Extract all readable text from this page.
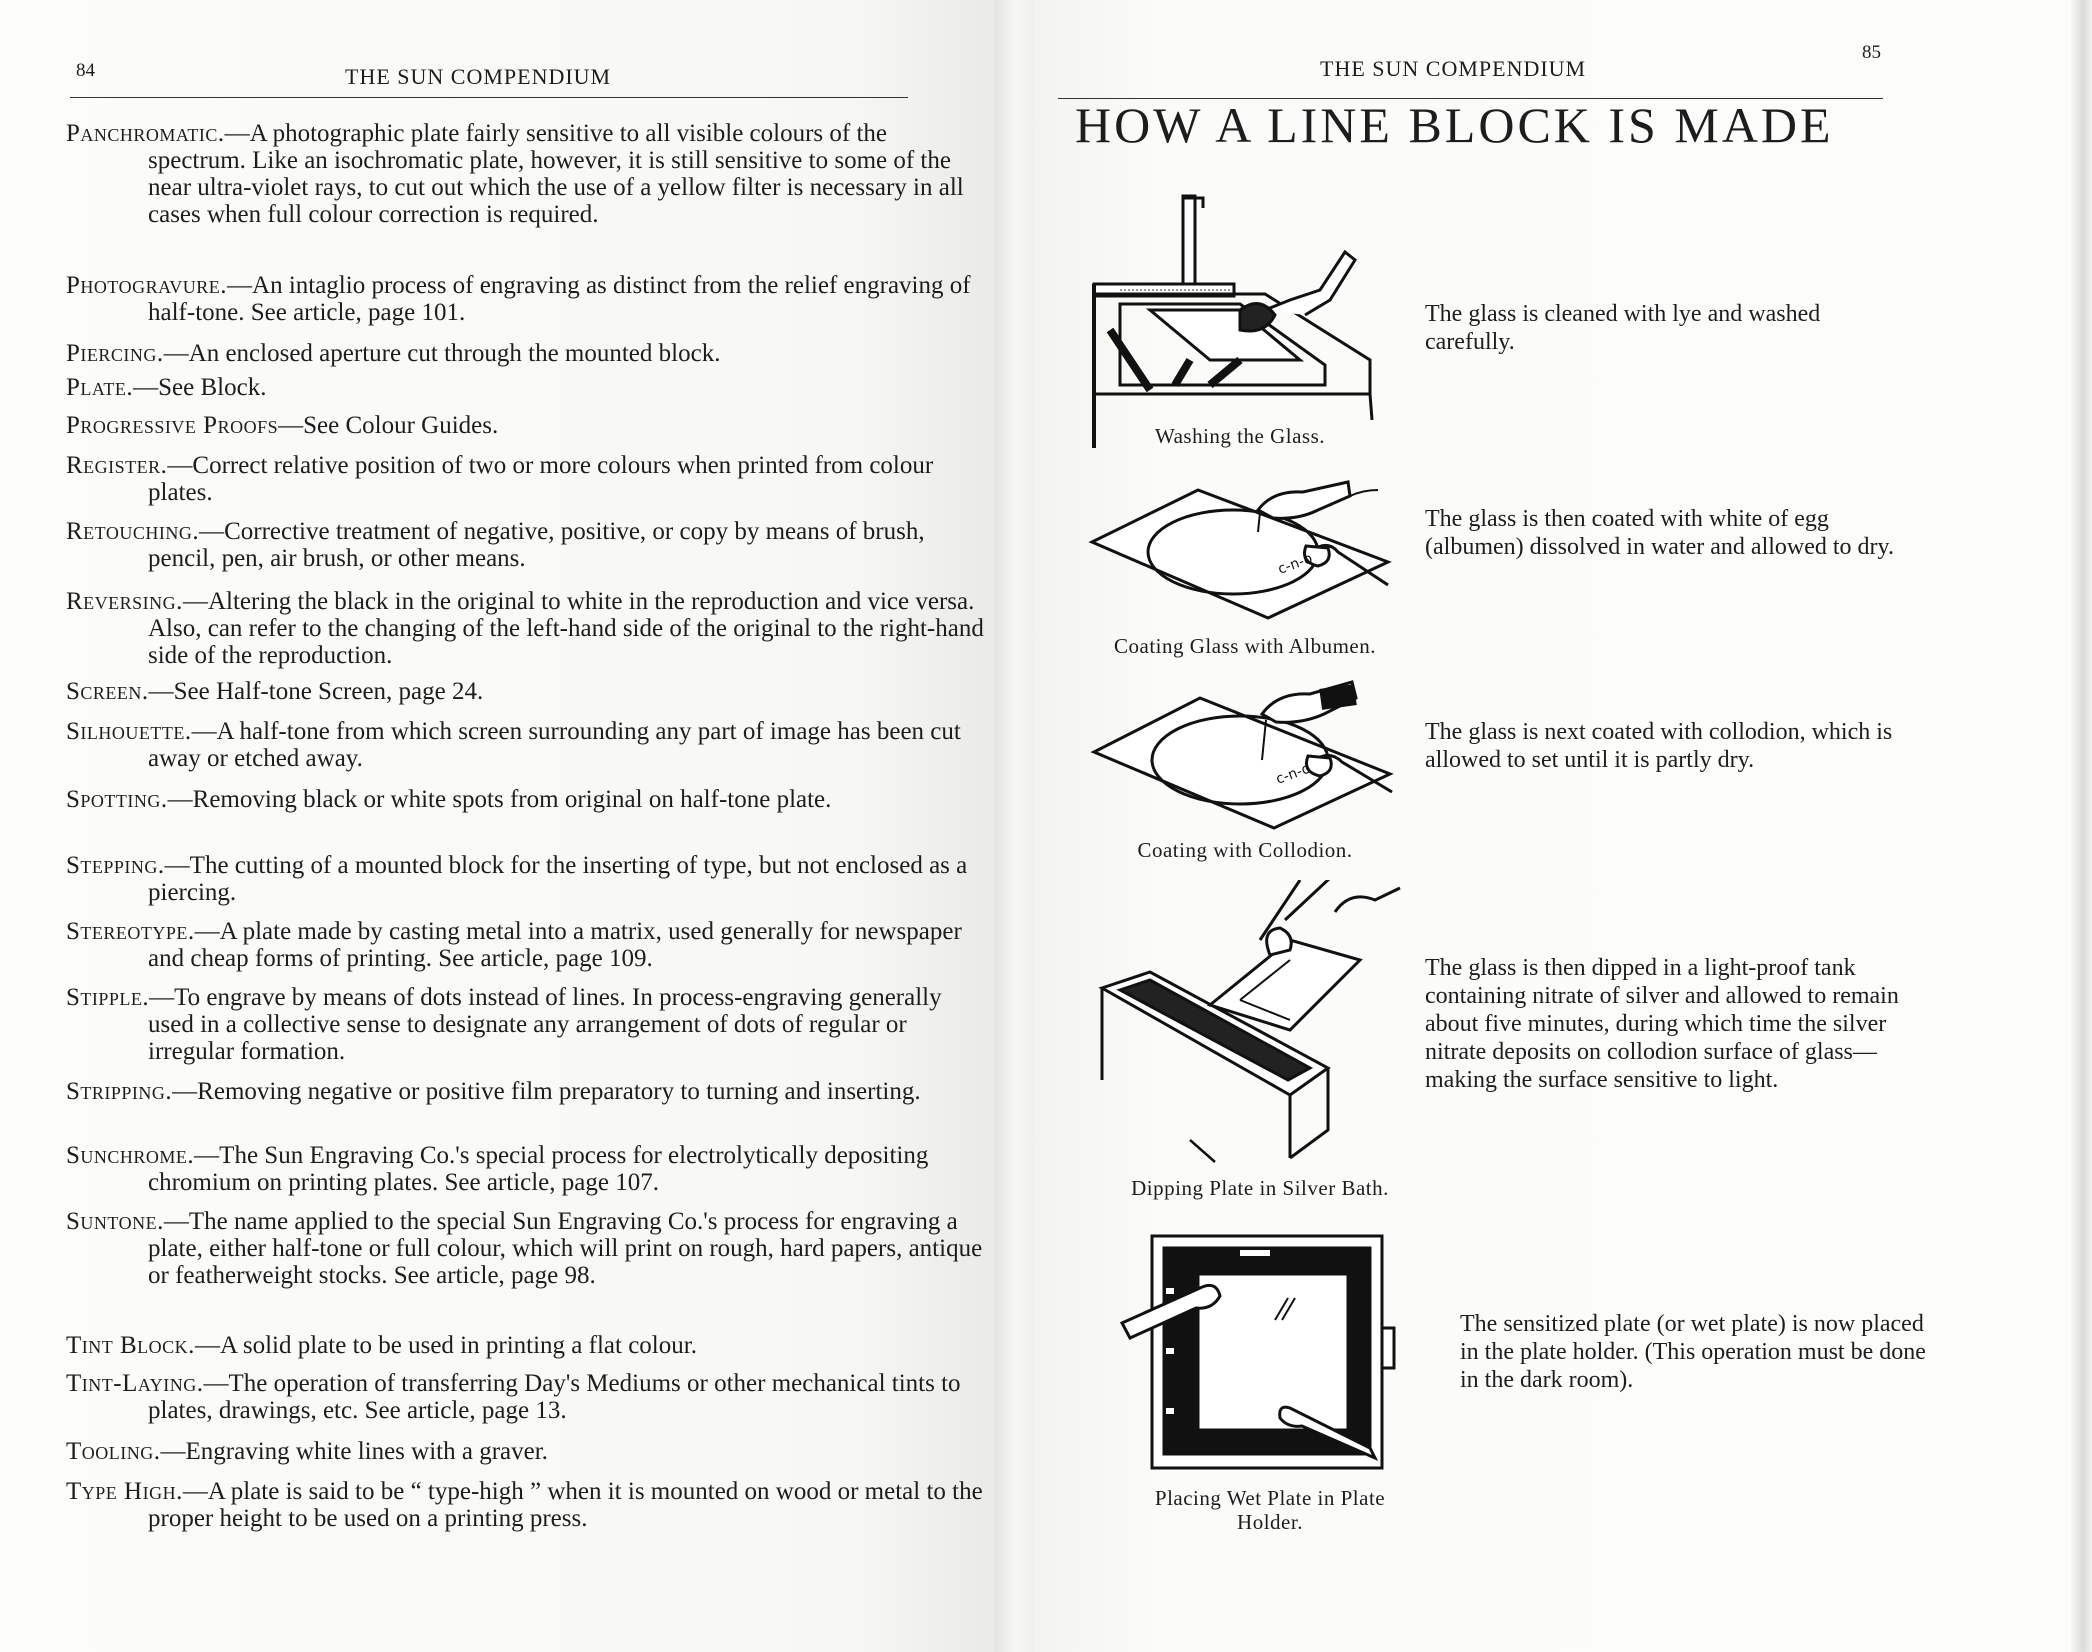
84	THE SUN COMPENDIUM
Panchromatic.—A photographic plate fairly sensitive to all visible colours of the spectrum. Like an isochromatic plate, however, it is still sensitive to some of the near ultra-violet rays, to cut out which the use of a yellow filter is necessary in all cases when full colour correction is required.
Photogravure.—An intaglio process of engraving as distinct from the relief engraving of half-tone. See article, page 101.
Piercing.—An enclosed aperture cut through the mounted block.
Plate.—See Block.
Progressive Proofs—See Colour Guides.
Register.—Correct relative position of two or more colours when printed from colour plates.
Retouching.—Corrective treatment of negative, positive, or copy by means of brush, pencil, pen, air brush, or other means.
Reversing.—Altering the black in the original to white in the reproduction and vice versa. Also, can refer to the changing of the left-hand side of the original to the right-hand side of the reproduction.
Screen.—See Half-tone Screen, page 24.
Silhouette.—A half-tone from which screen surrounding any part of image has been cut away or etched away.
Spotting.—Removing black or white spots from original on half-tone plate.
Stepping.—The cutting of a mounted block for the inserting of type, but not enclosed as a piercing.
Stereotype.—A plate made by casting metal into a matrix, used generally for newspaper and cheap forms of printing. See article, page 109.
Stipple.—To engrave by means of dots instead of lines. In process-engraving generally used in a collective sense to designate any arrangement of dots of regular or irregular formation.
Stripping.—Removing negative or positive film preparatory to turning and inserting.
Sunchrome.—The Sun Engraving Co.'s special process for electrolytically depositing chromium on printing plates. See article, page 107.
Suntone.—The name applied to the special Sun Engraving Co.'s process for engraving a plate, either half-tone or full colour, which will print on rough, hard papers, antique or featherweight stocks. See article, page 98.
Tint Block.—A solid plate to be used in printing a flat colour.
Tint-Laying.—The operation of transferring Day's Mediums or other mechanical tints to plates, drawings, etc. See article, page 13.
Tooling.—Engraving white lines with a graver.
Type High.—A plate is said to be “ type-high ” when it is mounted on wood or metal to the proper height to be used on a printing press.
85
THE SUN COMPENDIUM
HOW A LINE BLOCK IS MADE
Washing the Glass.
The glass is cleaned with lye and washed carefully.
c-n-o
Coating Glass with Albumen.
The glass is then coated with white of egg (albumen) dissolved in water and allowed to dry.
c-n-o
Coating with Collodion.
The glass is next coated with collodion, which is allowed to set until it is partly dry.
Dipping Plate in Silver Bath.
The glass is then dipped in a light-proof tank containing nitrate of silver and allowed to remain about five minutes, during which time the silver nitrate deposits on collodion surface of glass—making the surface sensitive to light.
Placing Wet Plate in Plate Holder.
The sensitized plate (or wet plate) is now placed in the plate holder. (This operation must be done in the dark room).
